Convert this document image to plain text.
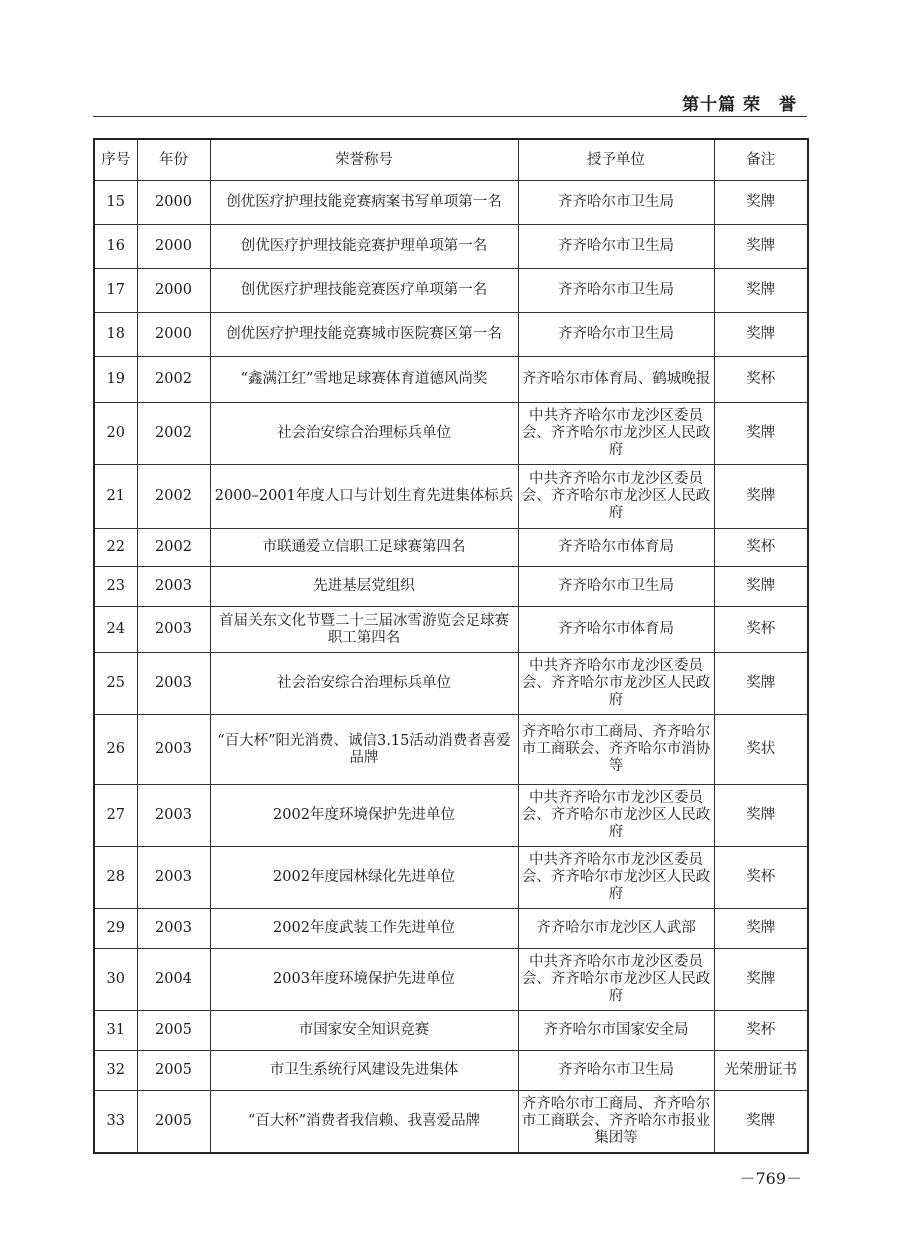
第十篇 荣　誉
序号	年份	荣誉称号	授予单位	备注
15	2000	创优医疗护理技能竞赛病案书写单项第一名	齐齐哈尔市卫生局	奖牌
16	2000	创优医疗护理技能竞赛护理单项第一名	齐齐哈尔市卫生局	奖牌
17	2000	创优医疗护理技能竞赛医疗单项第一名	齐齐哈尔市卫生局	奖牌
18	2000	创优医疗护理技能竞赛城市医院赛区第一名	齐齐哈尔市卫生局	奖牌
19	2002	“鑫满江红”雪地足球赛体育道德风尚奖	齐齐哈尔市体育局、鹤城晚报	奖杯
20	2002	社会治安综合治理标兵单位	中共齐齐哈尔市龙沙区委员会、齐齐哈尔市龙沙区人民政府	奖牌
21	2002	2000–2001年度人口与计划生育先进集体标兵	中共齐齐哈尔市龙沙区委员会、齐齐哈尔市龙沙区人民政府	奖牌
22	2002	市联通爱立信职工足球赛第四名	齐齐哈尔市体育局	奖杯
23	2003	先进基层党组织	齐齐哈尔市卫生局	奖牌
24	2003	首届关东文化节暨二十三届冰雪游览会足球赛职工第四名	齐齐哈尔市体育局	奖杯
25	2003	社会治安综合治理标兵单位	中共齐齐哈尔市龙沙区委员会、齐齐哈尔市龙沙区人民政府	奖牌
26	2003	“百大杯”阳光消费、诚信3.15活动消费者喜爱品牌	齐齐哈尔市工商局、齐齐哈尔市工商联会、齐齐哈尔市消协等	奖状
27	2003	2002年度环境保护先进单位	中共齐齐哈尔市龙沙区委员会、齐齐哈尔市龙沙区人民政府	奖牌
28	2003	2002年度园林绿化先进单位	中共齐齐哈尔市龙沙区委员会、齐齐哈尔市龙沙区人民政府	奖杯
29	2003	2002年度武装工作先进单位	齐齐哈尔市龙沙区人武部	奖牌
30	2004	2003年度环境保护先进单位	中共齐齐哈尔市龙沙区委员会、齐齐哈尔市龙沙区人民政府	奖牌
31	2005	市国家安全知识竞赛	齐齐哈尔市国家安全局	奖杯
32	2005	市卫生系统行风建设先进集体	齐齐哈尔市卫生局	光荣册证书
33	2005	“百大杯”消费者我信赖、我喜爱品牌	齐齐哈尔市工商局、齐齐哈尔市工商联会、齐齐哈尔市报业集团等	奖牌
－769－
